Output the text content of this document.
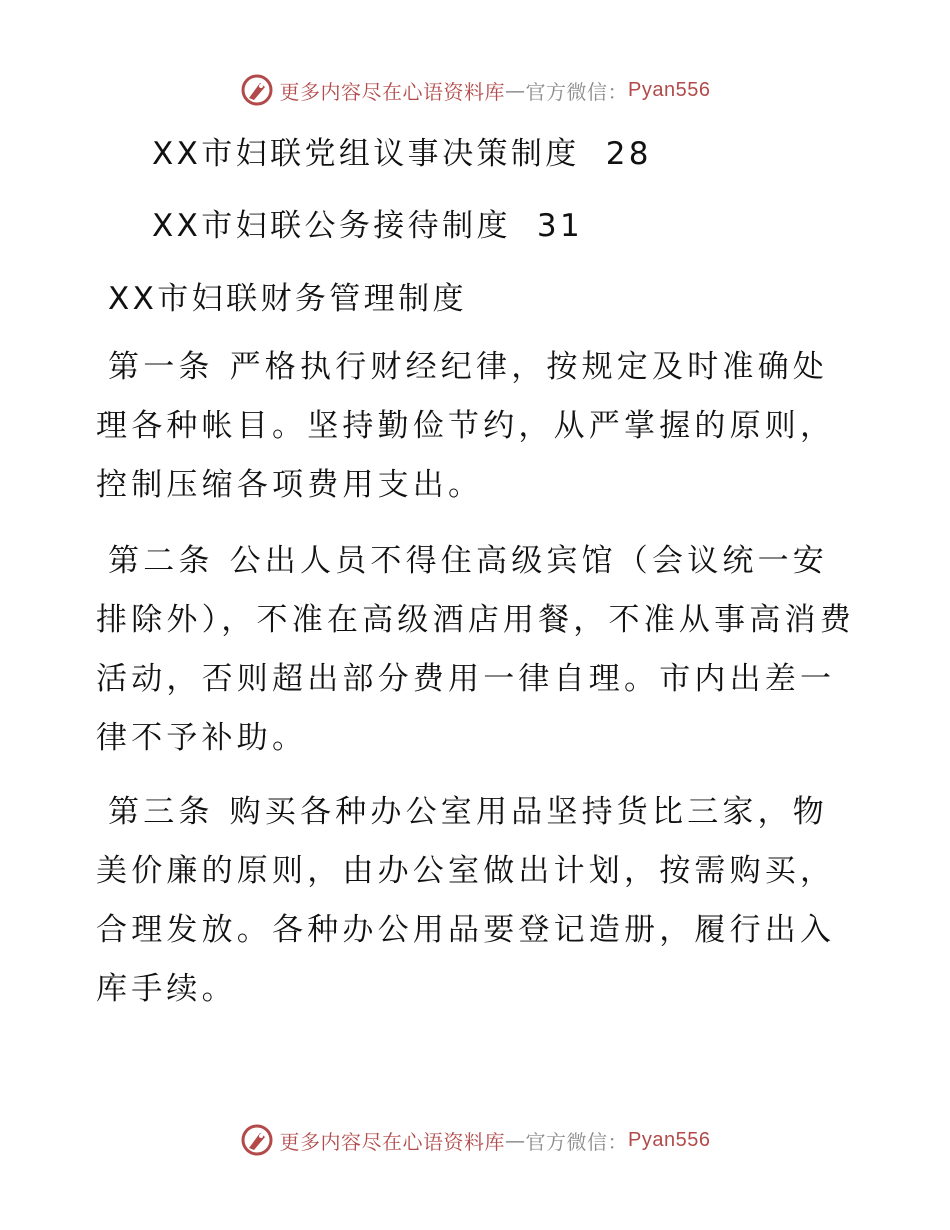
更多内容尽在心语资料库 — 官方微信： Pyan556
XX市妇联党组议事决策制度 28
XX市妇联公务接待制度 31
XX市妇联财务管理制度
第一条 严格执行财经纪律，按规定及时准确处理各种帐目。坚持勤俭节约，从严掌握的原则，控制压缩各项费用支出。
第二条 公出人员不得住高级宾馆（会议统一安排除外），不准在高级酒店用餐，不准从事高消费活动，否则超出部分费用一律自理。市内出差一律不予补助。
第三条 购买各种办公室用品坚持货比三家，物美价廉的原则，由办公室做出计划，按需购买，合理发放。各种办公用品要登记造册，履行出入库手续。
更多内容尽在心语资料库 — 官方微信： Pyan556
